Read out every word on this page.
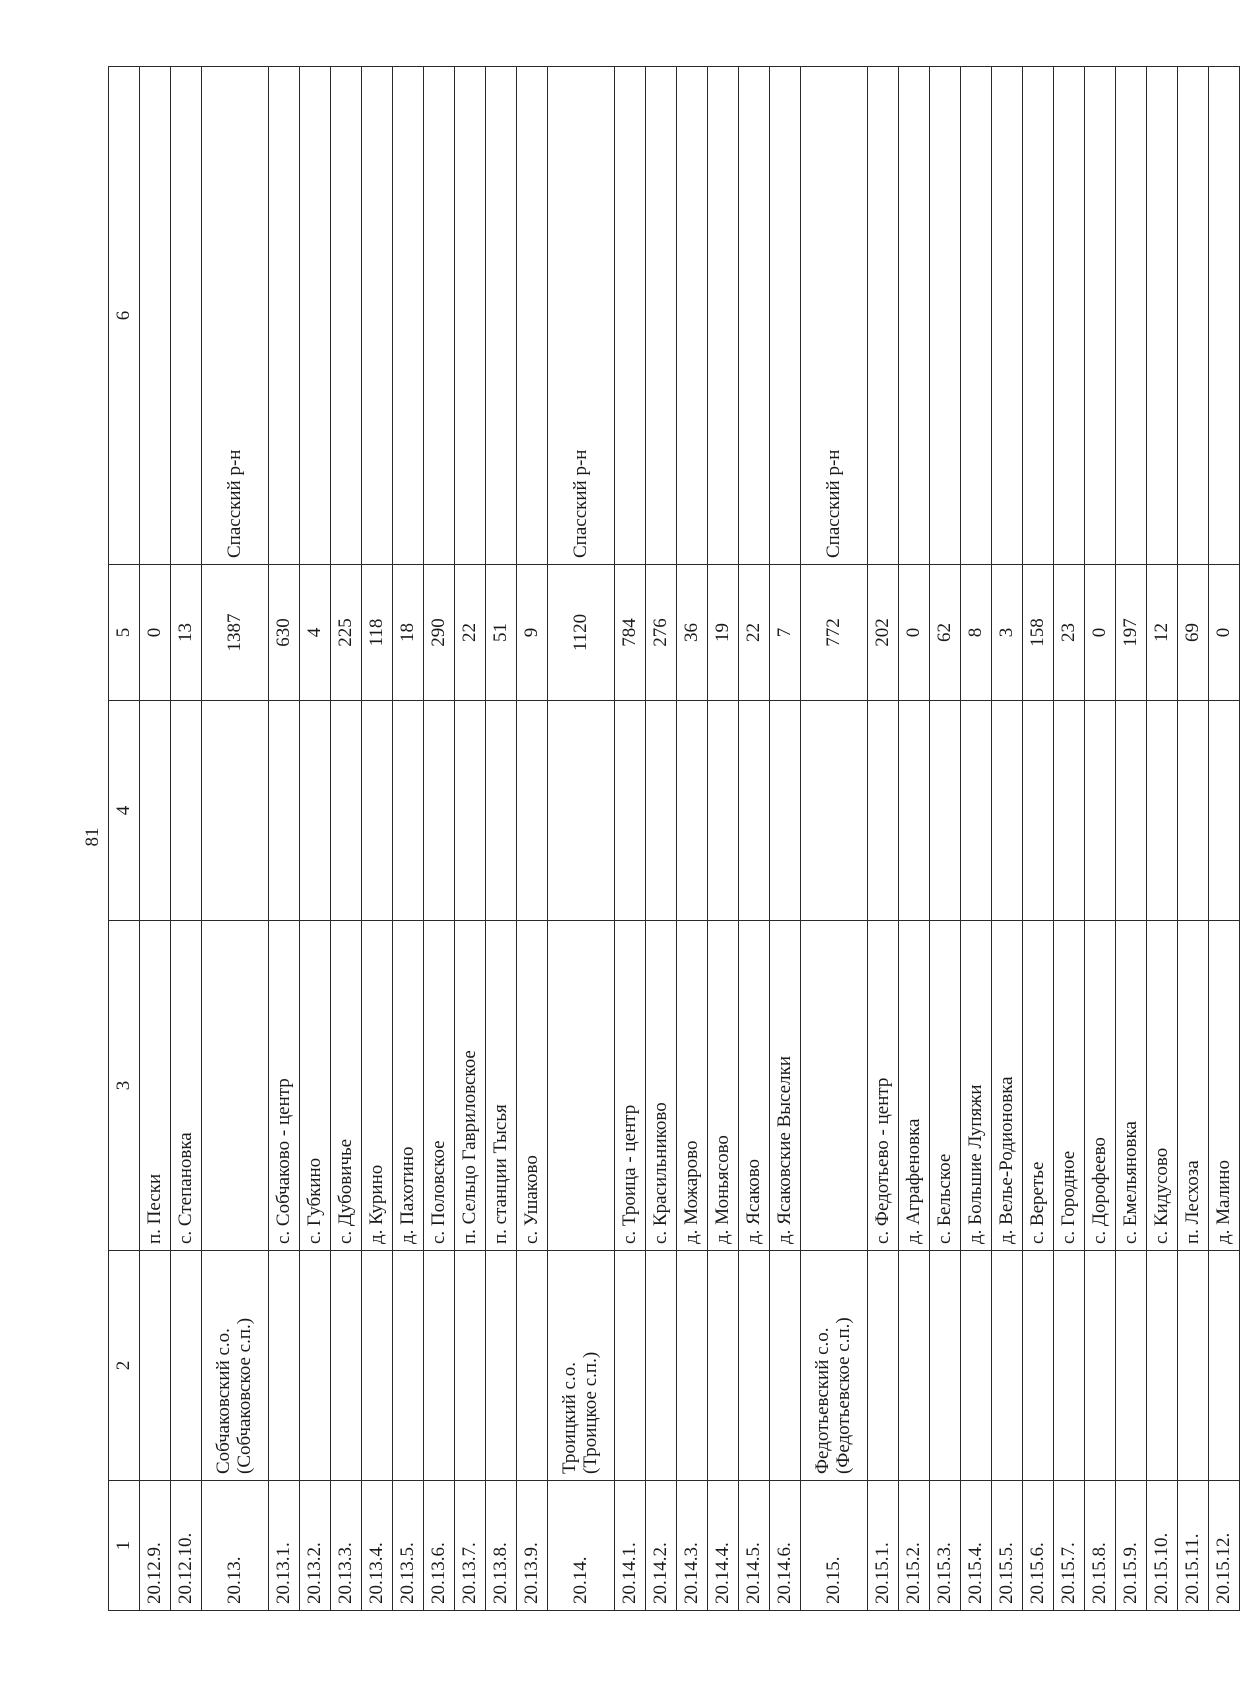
81
1	2	3	4	5	6
20.12.9.		п. Пески		0	
20.12.10.		с. Степановка		13	
20.13.	Собчаковский с.о. (Собчаковское с.п.)			1387	Спасский р-н
20.13.1.		с. Собчаково - центр		630	
20.13.2.		с. Губкино		4	
20.13.3.		с. Дубовичье		225	
20.13.4.		д. Курино		118	
20.13.5.		д. Пахотино		18	
20.13.6.		с. Половское		290	
20.13.7.		п. Сельцо Гавриловское		22	
20.13.8.		п. станции Тысья		51	
20.13.9.		с. Ушаково		9	
20.14.	Троицкий с.о. (Троицкое с.п.)			1120	Спасский р-н
20.14.1.		с. Троица - центр		784	
20.14.2.		с. Красильниково		276	
20.14.3.		д. Можарово		36	
20.14.4.		д. Моньясово		19	
20.14.5.		д. Ясаково		22	
20.14.6.		д. Ясаковские Выселки		7	
20.15.	Федотьевский с.о. (Федотьевское с.п.)			772	Спасский р-н
20.15.1.		с. Федотьево - центр		202	
20.15.2.		д. Аграфеновка		0	
20.15.3.		с. Бельское		62	
20.15.4.		д. Большие Лупяжи		8	
20.15.5.		д. Велье-Родионовка		3	
20.15.6.		с. Веретье		158	
20.15.7.		с. Городное		23	
20.15.8.		с. Дорофеево		0	
20.15.9.		с. Емельяновка		197	
20.15.10.		с. Кидусово		12	
20.15.11.		п. Лесхоза		69	
20.15.12.		д. Малино		0	
